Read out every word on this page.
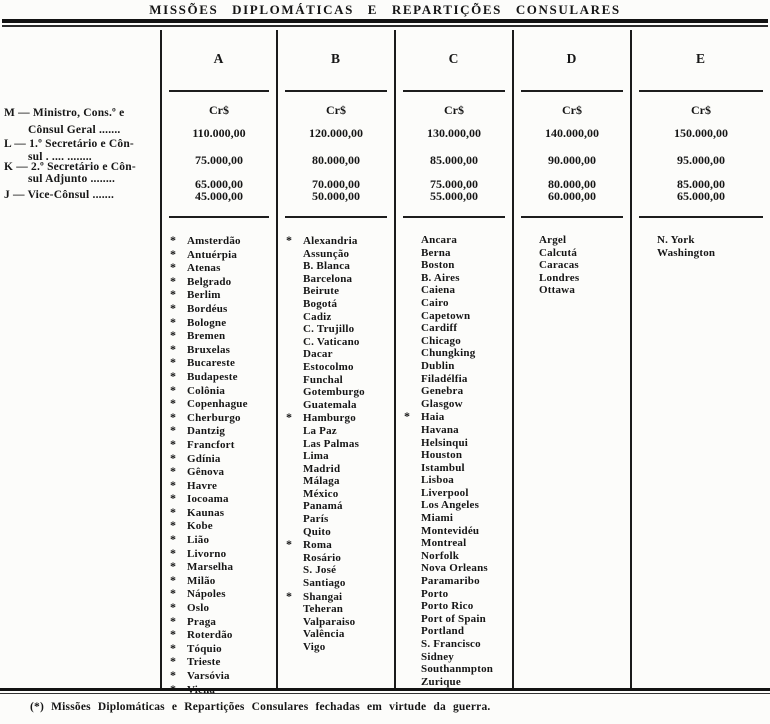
MISSÕES DIPLOMÁTICAS E REPARTIÇÕES CONSULARES
M — Ministro, Cons.º e
Cônsul Geral .......
L — 1.º Secretário e Côn-
sul . .... ........
K — 2.º Secretário e Côn-
sul Adjunto ........
J — Vice-Cônsul .......
A
Cr$
110.000,00
75.000,00
65.000,00
45.000,00
* Amsterdão
* Antuérpia
* Atenas
* Belgrado
* Berlim
* Bordéus
* Bologne
* Bremen
* Bruxelas
* Bucareste
* Budapeste
* Colônia
* Copenhague
* Cherburgo
* Dantzig
* Francfort
* Gdínia
* Gênova
* Havre
* Iocoama
* Kaunas
* Kobe
* Lião
* Livorno
* Marselha
* Milão
* Nápoles
* Oslo
* Praga
* Roterdão
* Tóquio
* Trieste
* Varsóvia
* Viena
B
Cr$
120.000,00
80.000,00
70.000,00
50.000,00
* Alexandria
Assunção
B. Blanca
Barcelona
Beirute
Bogotá
Cadiz
C. Trujillo
C. Vaticano
Dacar
Estocolmo
Funchal
Gotemburgo
Guatemala
* Hamburgo
La Paz
Las Palmas
Lima
Madrid
Málaga
México
Panamá
París
Quito
* Roma
Rosário
S. José
Santiago
* Shangai
Teheran
Valparaiso
Valência
Vigo
C
Cr$
130.000,00
85.000,00
75.000,00
55.000,00
Ancara
Berna
Boston
B. Aires
Caiena
Cairo
Capetown
Cardiff
Chicago
Chungking
Dublin
Filadélfia
Genebra
Glasgow
* Haia
Havana
Helsinqui
Houston
Istambul
Lisboa
Liverpool
Los Angeles
Miami
Montevidéu
Montreal
Norfolk
Nova Orleans
Paramaribo
Porto
Porto Rico
Port of Spain
Portland
S. Francisco
Sidney
Southanmpton
Zurique
D
Cr$
140.000,00
90.000,00
80.000,00
60.000,00
Argel
Calcutá
Caracas
Londres
Ottawa
E
Cr$
150.000,00
95.000,00
85.000,00
65.000,00
N. York
Washington
(*) Missões Diplomáticas e Repartições Consulares fechadas em virtude da guerra.
